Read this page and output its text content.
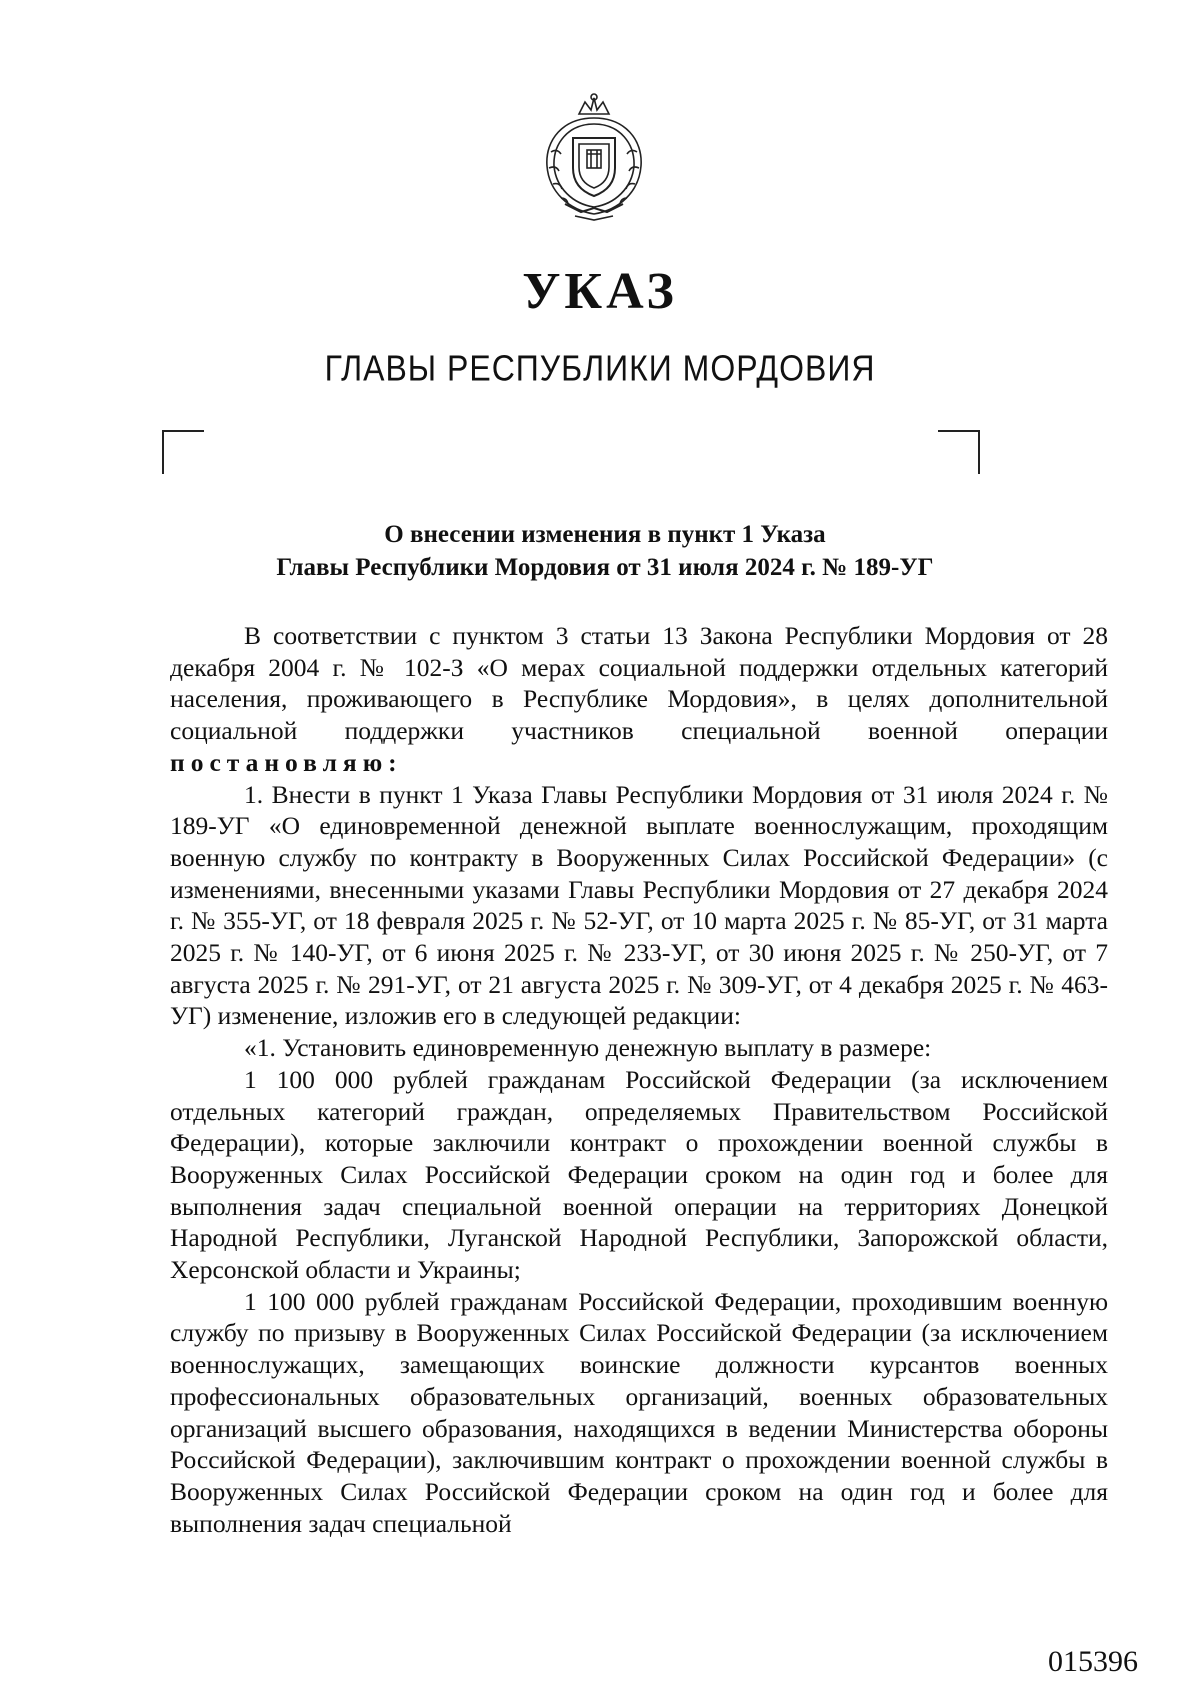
УКАЗ
ГЛАВЫ РЕСПУБЛИКИ МОРДОВИЯ
О внесении изменения в пункт 1 Указа
Главы Республики Мордовия от 31 июля 2024 г. № 189-УГ

В соответствии с пунктом 3 статьи 13 Закона Республики Мордовия от 28 декабря 2004 г. № 102-З «О мерах социальной поддержки отдельных категорий населения, проживающего в Республике Мордовия», в целях дополнительной социальной поддержки участников специальной военной операции постановляю:

1. Внести в пункт 1 Указа Главы Республики Мордовия от 31 июля 2024 г. № 189-УГ «О единовременной денежной выплате военнослужащим, проходящим военную службу по контракту в Вооруженных Силах Российской Федерации» (с изменениями, внесенными указами Главы Республики Мордовия от 27 декабря 2024 г. № 355-УГ, от 18 февраля 2025 г. № 52-УГ, от 10 марта 2025 г. № 85-УГ, от 31 марта 2025 г. № 140-УГ, от 6 июня 2025 г. № 233-УГ, от 30 июня 2025 г. № 250-УГ, от 7 августа 2025 г. № 291-УГ, от 21 августа 2025 г. № 309-УГ, от 4 декабря 2025 г. № 463-УГ) изменение, изложив его в следующей редакции:

«1. Установить единовременную денежную выплату в размере:

1 100 000 рублей гражданам Российской Федерации (за исключением отдельных категорий граждан, определяемых Правительством Российской Федерации), которые заключили контракт о прохождении военной службы в Вооруженных Силах Российской Федерации сроком на один год и более для выполнения задач специальной военной операции на территориях Донецкой Народной Республики, Луганской Народной Республики, Запорожской области, Херсонской области и Украины;

1 100 000 рублей гражданам Российской Федерации, проходившим военную службу по призыву в Вооруженных Силах Российской Федерации (за исключением военнослужащих, замещающих воинские должности курсантов военных профессиональных образовательных организаций, военных образовательных организаций высшего образования, находящихся в ведении Министерства обороны Российской Федерации), заключившим контракт о прохождении военной службы в Вооруженных Силах Российской Федерации сроком на один год и более для выполнения задач специальной

015396
